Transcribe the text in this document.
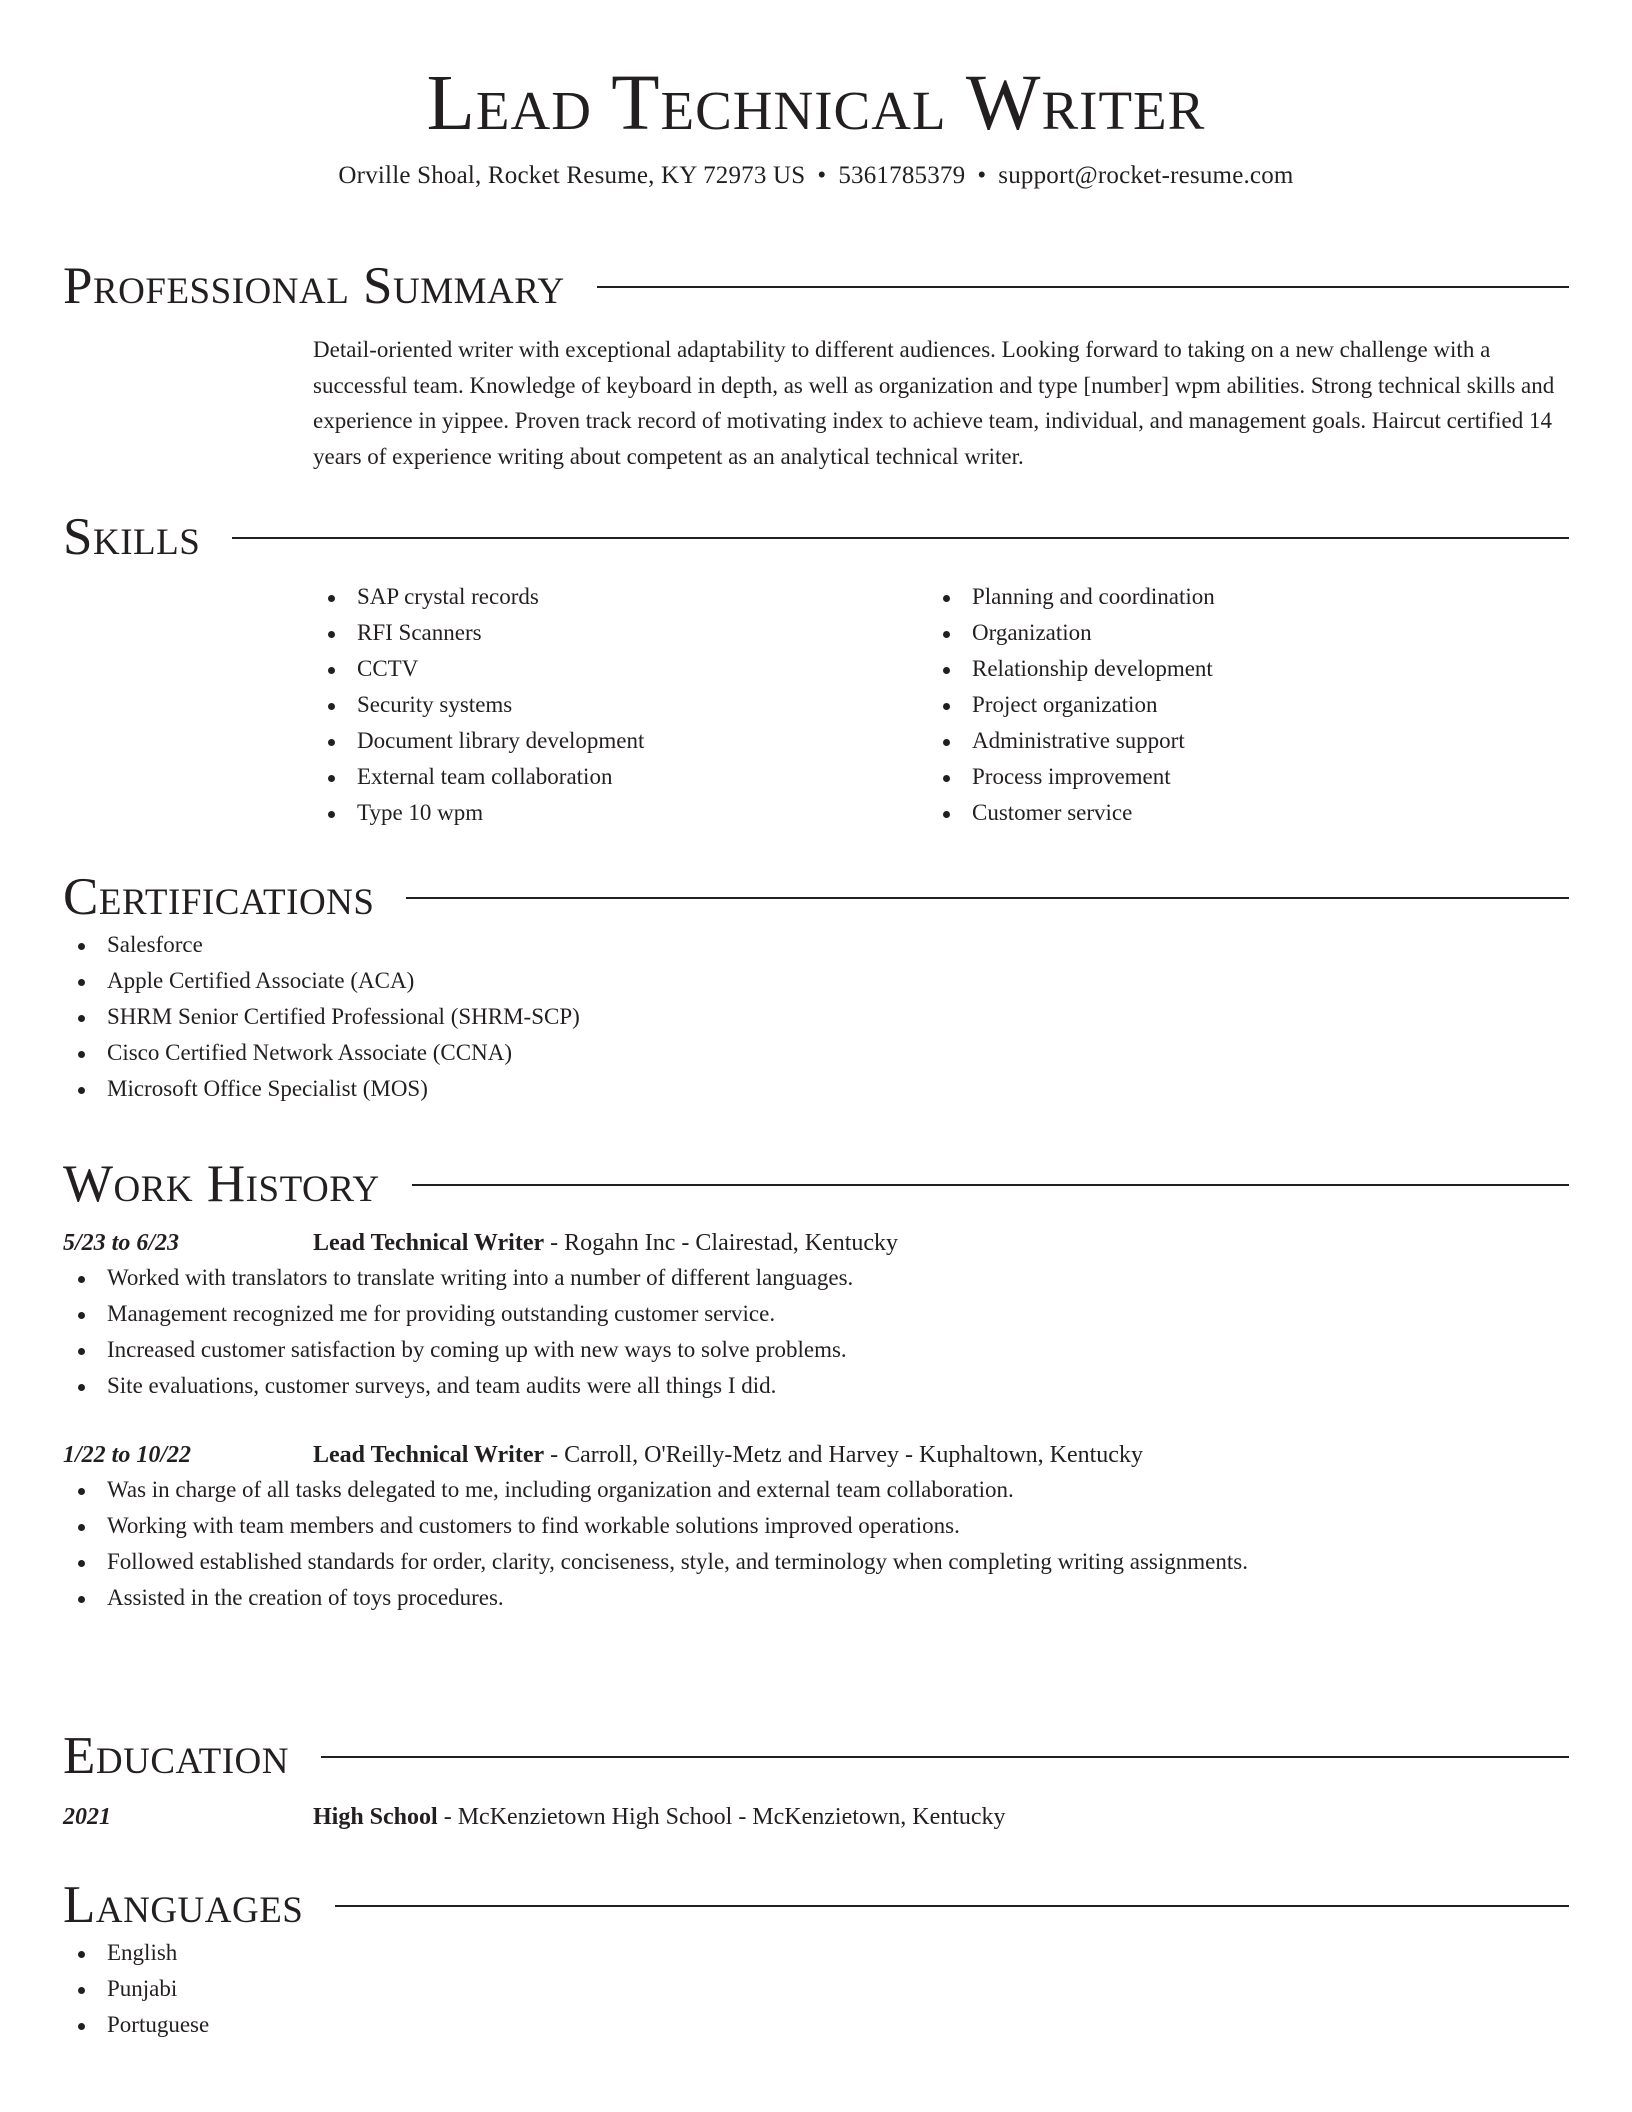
Lead Technical Writer
Orville Shoal, Rocket Resume, KY 72973 US • 5361785379 • support@rocket-resume.com
Professional Summary

Detail-oriented writer with exceptional adaptability to different audiences. Looking forward to taking on a new challenge with a successful team. Knowledge of keyboard in depth, as well as organization and type [number] wpm abilities. Strong technical skills and experience in yippee. Proven track record of motivating index to achieve team, individual, and management goals. Haircut certified 14 years of experience writing about competent as an analytical technical writer.

Skills
SAP crystal records
RFI Scanners
CCTV
Security systems
Document library development
External team collaboration
Type 10 wpm
Planning and coordination
Organization
Relationship development
Project organization
Administrative support
Process improvement
Customer service
Certifications
Salesforce
Apple Certified Associate (ACA)
SHRM Senior Certified Professional (SHRM-SCP)
Cisco Certified Network Associate (CCNA)
Microsoft Office Specialist (MOS)
Work History
5/23 to 6/23	Lead Technical Writer - Rogahn Inc - Clairestad, Kentucky
Worked with translators to translate writing into a number of different languages.
Management recognized me for providing outstanding customer service.
Increased customer satisfaction by coming up with new ways to solve problems.
Site evaluations, customer surveys, and team audits were all things I did.
1/22 to 10/22	Lead Technical Writer - Carroll, O'Reilly-Metz and Harvey - Kuphaltown, Kentucky
Was in charge of all tasks delegated to me, including organization and external team collaboration.
Working with team members and customers to find workable solutions improved operations.
Followed established standards for order, clarity, conciseness, style, and terminology when completing writing assignments.
Assisted in the creation of toys procedures.
Education
2021	High School - McKenzietown High School - McKenzietown, Kentucky
Languages
English
Punjabi
Portuguese
